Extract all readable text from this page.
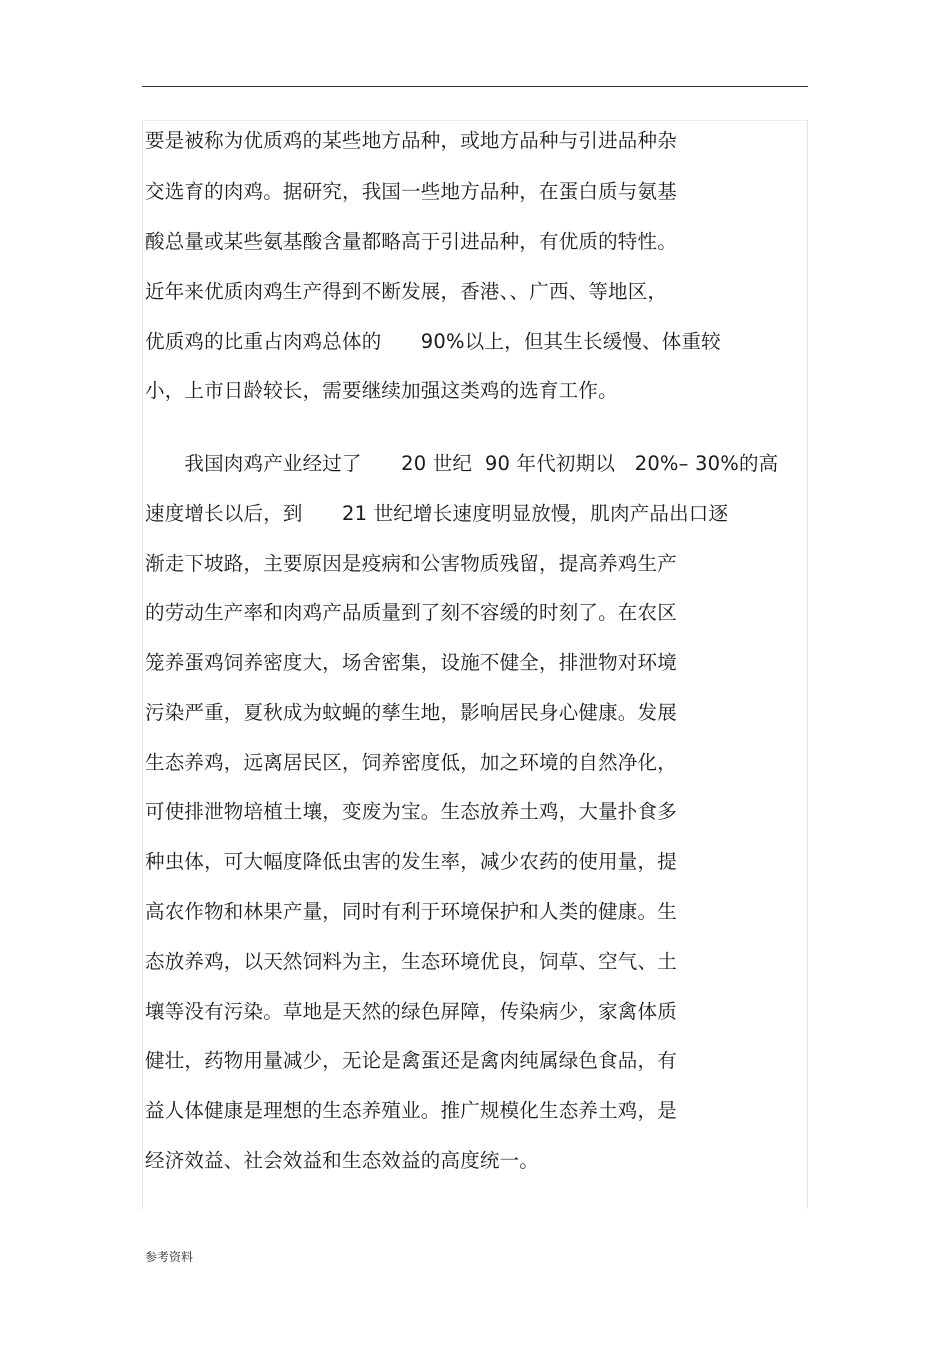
要是被称为优质鸡的某些地方品种，或地方品种与引进品种杂
交选育的肉鸡。据研究，我国一些地方品种，在蛋白质与氨基
酸总量或某些氨基酸含量都略高于引进品种，有优质的特性。
近年来优质肉鸡生产得到不断发展，香港、、广西、等地区，
优质鸡的比重占肉鸡总体的　　90%以上，但其生长缓慢、体重较
小，上市日龄较长，需要继续加强这类鸡的选育工作。
　　我国肉鸡产业经过了　　20 世纪  90 年代初期以　20%– 30%的高
速度增长以后，到　　21 世纪增长速度明显放慢，肌肉产品出口逐
渐走下坡路，主要原因是疫病和公害物质残留，提高养鸡生产
的劳动生产率和肉鸡产品质量到了刻不容缓的时刻了。在农区
笼养蛋鸡饲养密度大，场舍密集，设施不健全，排泄物对环境
污染严重，夏秋成为蚊蝇的孳生地，影响居民身心健康。发展
生态养鸡，远离居民区，饲养密度低，加之环境的自然净化，
可使排泄物培植土壤，变废为宝。生态放养土鸡，大量扑食多
种虫体，可大幅度降低虫害的发生率，减少农药的使用量，提
高农作物和林果产量，同时有利于环境保护和人类的健康。生
态放养鸡，以天然饲料为主，生态环境优良，饲草、空气、土
壤等没有污染。草地是天然的绿色屏障，传染病少，家禽体质
健壮，药物用量减少，无论是禽蛋还是禽肉纯属绿色食品，有
益人体健康是理想的生态养殖业。推广规模化生态养土鸡，是
经济效益、社会效益和生态效益的高度统一。
参考资料
